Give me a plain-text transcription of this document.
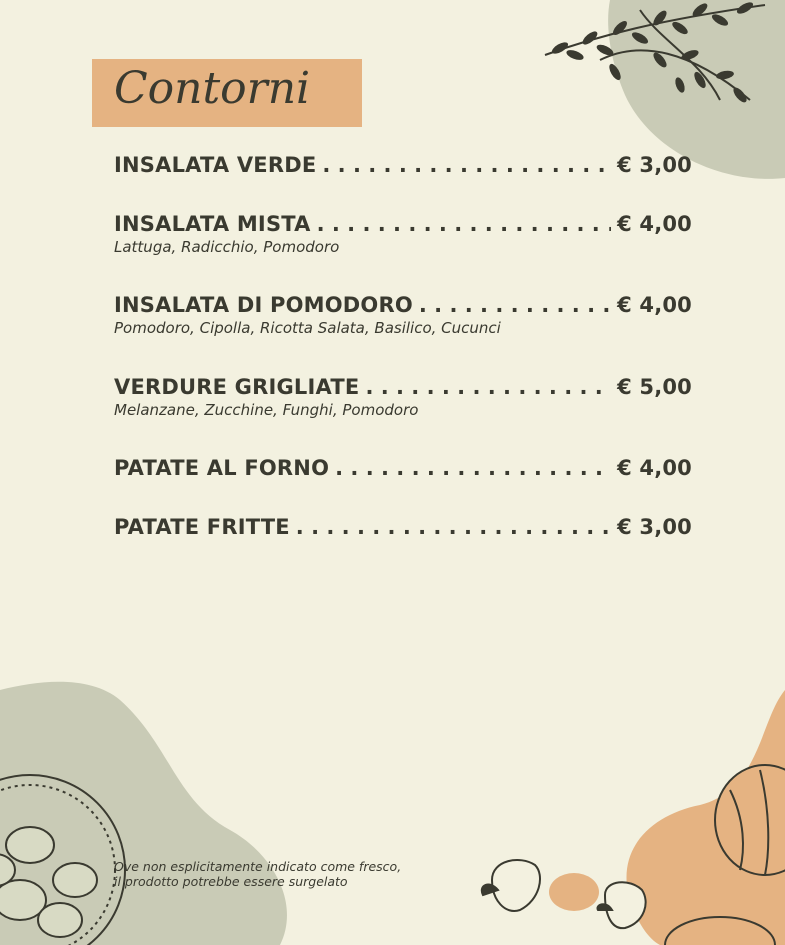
Contorni
INSALATA VERDE . . .	€ 3,00
INSALATA MISTA . . .	€ 4,00
Lattuga, Radicchio, Pomodoro
INSALATA DI POMODORO . . .	€ 4,00
Pomodoro, Cipolla, Ricotta Salata, Basilico, Cucunci
VERDURE GRIGLIATE . . .	€ 5,00
Melanzane, Zucchine, Funghi, Pomodoro
PATATE AL FORNO . . .	€ 4,00
PATATE FRITTE . . .	€ 3,00
Ove non esplicitamente indicato come fresco,
il prodotto potrebbe essere surgelato
